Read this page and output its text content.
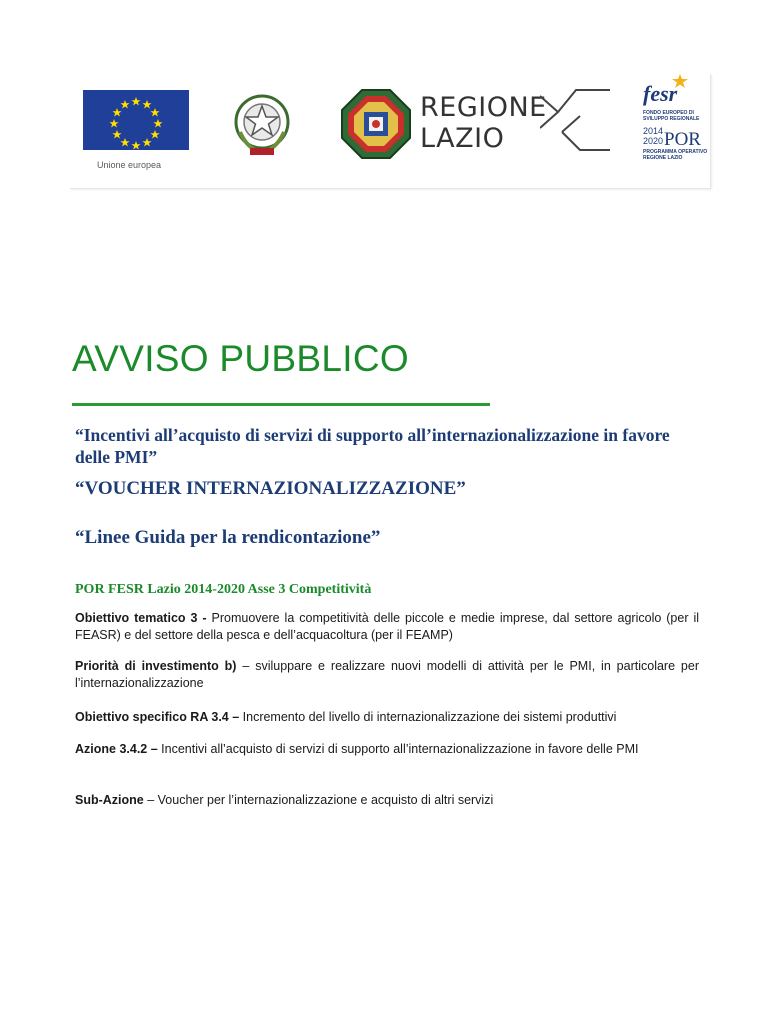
Unione europea
REGIONE
LAZIO
fesr
FONDO EUROPEO DI
SVILUPPO REGIONALE
2014
2020 POR
PROGRAMMA OPERATIVO
REGIONE LAZIO
AVVISO PUBBLICO

“Incentivi all’acquisto di servizi di supporto all’internazionalizzazione in favore delle PMI”

“VOUCHER INTERNAZIONALIZZAZIONE”

“Linee Guida per la rendicontazione”

POR FESR Lazio 2014-2020 Asse 3 Competitività

Obiettivo tematico 3 - Promuovere la competitività delle piccole e medie imprese, dal settore agricolo (per il FEASR) e del settore della pesca e dell’acquacoltura (per il FEAMP)

Priorità di investimento b) – sviluppare e realizzare nuovi modelli di attività per le PMI, in particolare per l’internazionalizzazione

Obiettivo specifico RA 3.4 – Incremento del livello di internazionalizzazione dei sistemi produttivi

Azione 3.4.2 – Incentivi all’acquisto di servizi di supporto all’internazionalizzazione in favore delle PMI

Sub-Azione – Voucher per l’internazionalizzazione e acquisto di altri servizi
